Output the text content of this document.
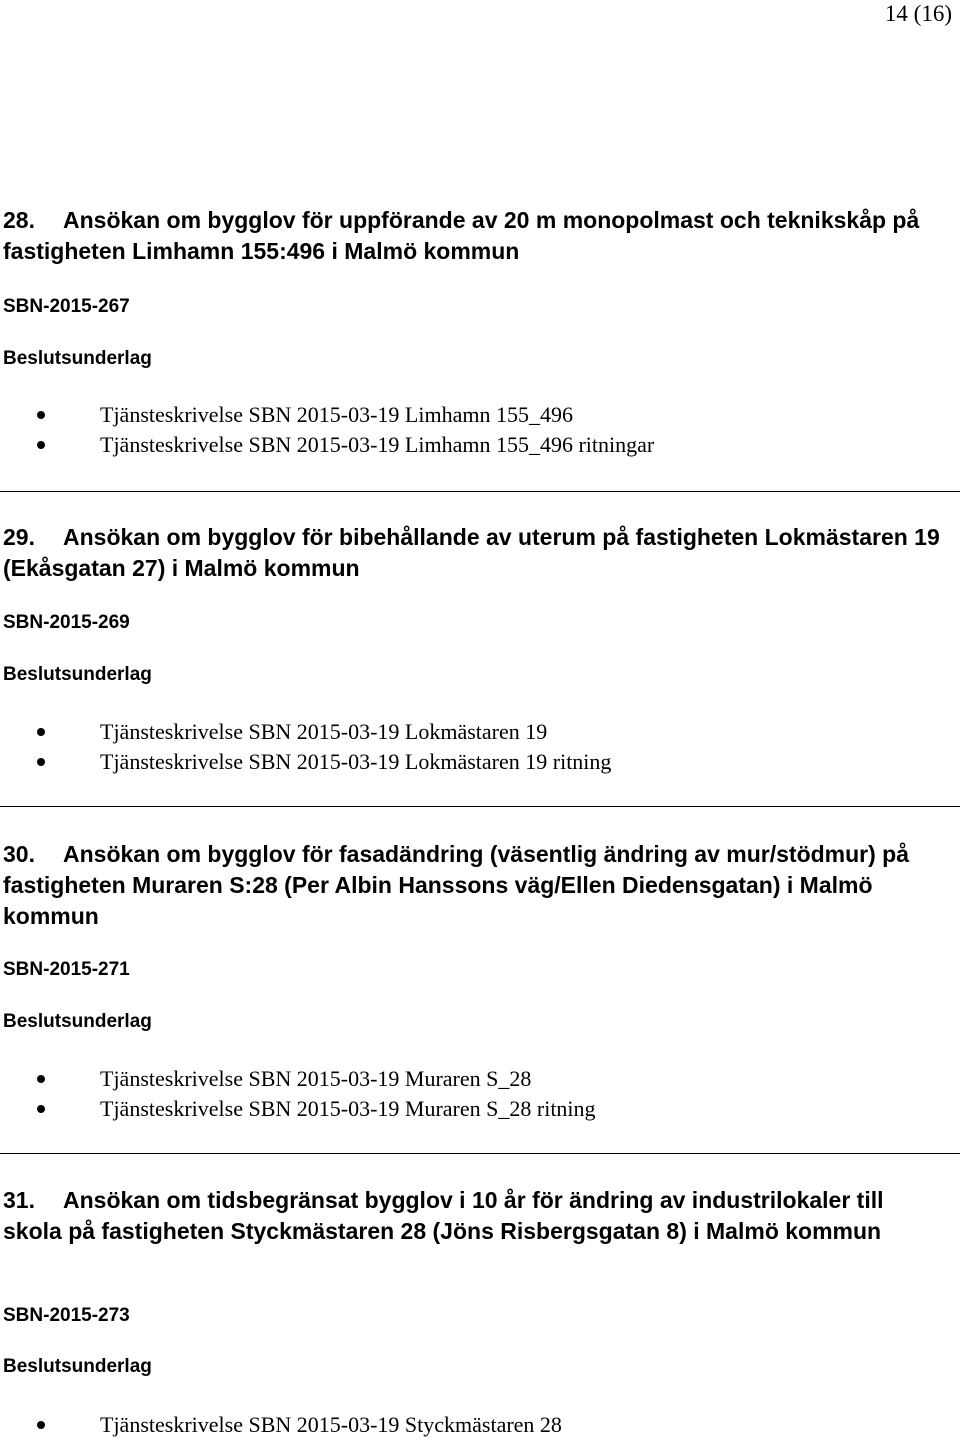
14 (16)
28. Ansökan om bygglov för uppförande av 20 m monopolmast och teknikskåp på fastigheten Limhamn 155:496 i Malmö kommun
SBN-2015-267
Beslutsunderlag
Tjänsteskrivelse SBN 2015-03-19 Limhamn 155_496
Tjänsteskrivelse SBN 2015-03-19 Limhamn 155_496 ritningar
29. Ansökan om bygglov för bibehållande av uterum på fastigheten Lokmästaren 19 (Ekåsgatan 27) i Malmö kommun
SBN-2015-269
Beslutsunderlag
Tjänsteskrivelse SBN 2015-03-19 Lokmästaren 19
Tjänsteskrivelse SBN 2015-03-19 Lokmästaren 19 ritning
30. Ansökan om bygglov för fasadändring (väsentlig ändring av mur/stödmur) på fastigheten Muraren S:28 (Per Albin Hanssons väg/Ellen Diedensgatan) i Malmö kommun
SBN-2015-271
Beslutsunderlag
Tjänsteskrivelse SBN 2015-03-19 Muraren S_28
Tjänsteskrivelse SBN 2015-03-19 Muraren S_28 ritning
31. Ansökan om tidsbegränsat bygglov i 10 år för ändring av industrilokaler till skola på fastigheten Styckmästaren 28 (Jöns Risbergsgatan 8) i Malmö kommun
SBN-2015-273
Beslutsunderlag
Tjänsteskrivelse SBN 2015-03-19 Styckmästaren 28
